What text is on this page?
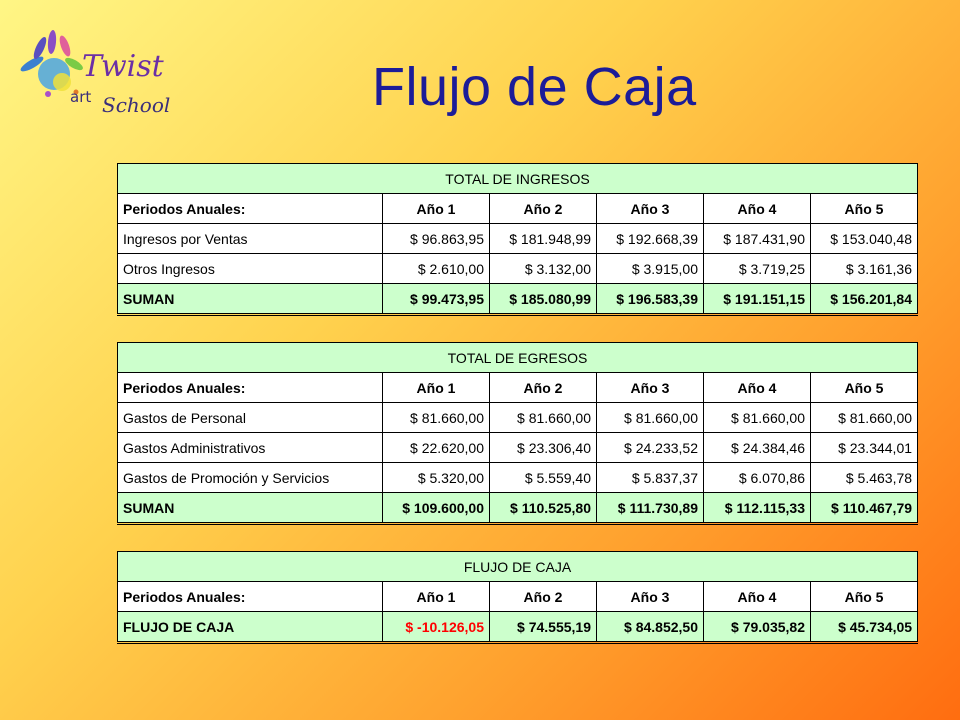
Twist
art School	Flujo de Caja
TOTAL DE INGRESOS					
Periodos Anuales:	Año 1	Año 2	Año 3	Año 4	Año 5
Ingresos por Ventas	$ 96.863,95	$ 181.948,99	$ 192.668,39	$ 187.431,90	$ 153.040,48
Otros Ingresos	$ 2.610,00	$ 3.132,00	$ 3.915,00	$ 3.719,25	$ 3.161,36
SUMAN	$ 99.473,95	$ 185.080,99	$ 196.583,39	$ 191.151,15	$ 156.201,84
TOTAL DE EGRESOS					
Periodos Anuales:	Año 1	Año 2	Año 3	Año 4	Año 5
Gastos de Personal	$ 81.660,00	$ 81.660,00	$ 81.660,00	$ 81.660,00	$ 81.660,00
Gastos Administrativos	$ 22.620,00	$ 23.306,40	$ 24.233,52	$ 24.384,46	$ 23.344,01
Gastos de Promoción y Servicios	$ 5.320,00	$ 5.559,40	$ 5.837,37	$ 6.070,86	$ 5.463,78
SUMAN	$ 109.600,00	$ 110.525,80	$ 111.730,89	$ 112.115,33	$ 110.467,79
FLUJO DE CAJA					
Periodos Anuales:	Año 1	Año 2	Año 3	Año 4	Año 5
FLUJO DE CAJA	$ -10.126,05	$ 74.555,19	$ 84.852,50	$ 79.035,82	$ 45.734,05
